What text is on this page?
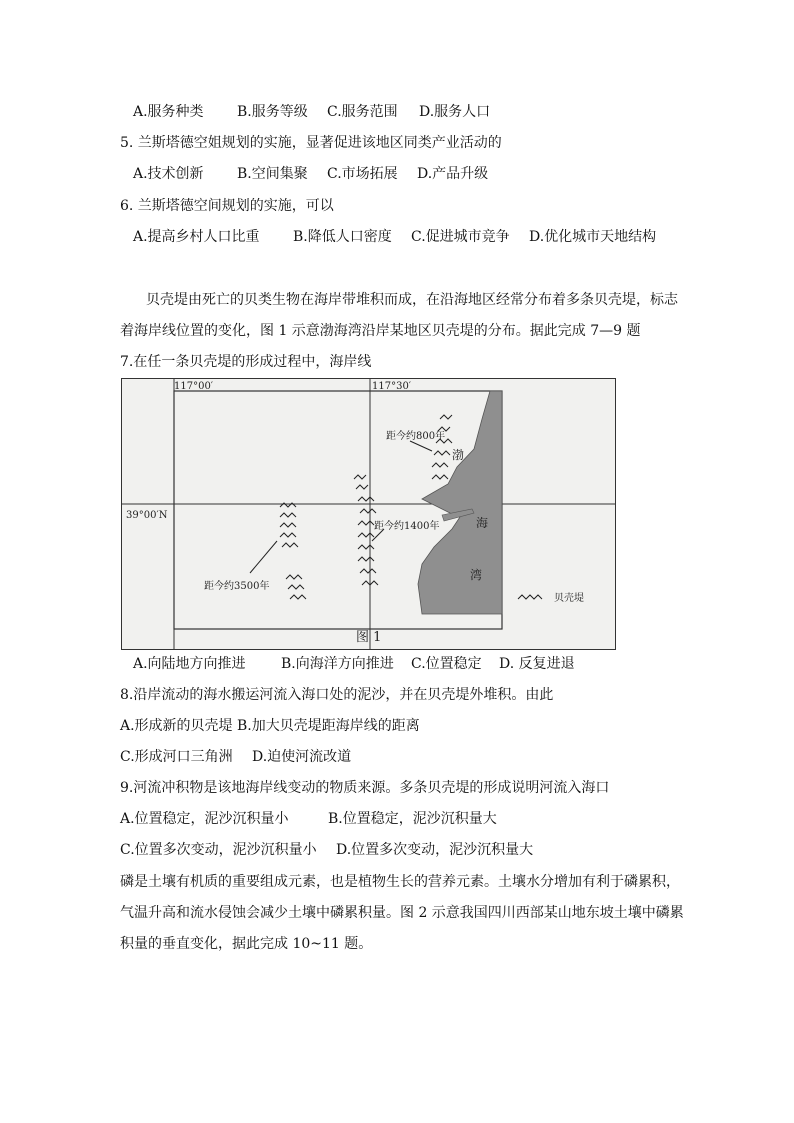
A.服务种类 B.服务等级 C.服务范围 D.服务人口
5. 兰斯塔德空姐规划的实施，显著促进该地区同类产业活动的
A.技术创新 B.空间集聚 C.市场拓展 D.产品升级
6. 兰斯塔德空间规划的实施，可以
A.提高乡村人口比重 B.降低人口密度 C.促进城市竞争 D.优化城市天地结构
贝壳堤由死亡的贝类生物在海岸带堆积而成，在沿海地区经常分布着多条贝壳堤，标志
着海岸线位置的变化，图 1 示意渤海湾沿岸某地区贝壳堤的分布。据此完成 7—9 题
7.在任一条贝壳堤的形成过程中，海岸线
117°00′	117°30′
39°00′N
距今约800年
距今约1400年
距今约3500年
渤
海
湾
贝壳堤
图 1
A.向陆地方向推进	B.向海洋方向推进 C.位置稳定 D. 反复进退
8.沿岸流动的海水搬运河流入海口处的泥沙，并在贝壳堤外堆积。由此
A.形成新的贝壳堤 B.加大贝壳堤距海岸线的距离
C.形成河口三角洲 D.迫使河流改道
9.河流冲积物是该地海岸线变动的物质来源。多条贝壳堤的形成说明河流入海口
A.位置稳定，泥沙沉积量小	B.位置稳定，泥沙沉积量大
C.位置多次变动，泥沙沉积量小 D.位置多次变动，泥沙沉积量大
磷是土壤有机质的重要组成元素，也是植物生长的营养元素。土壤水分增加有利于磷累积，
气温升高和流水侵蚀会减少土壤中磷累积量。图 2 示意我国四川西部某山地东坡土壤中磷累
积量的垂直变化，据此完成 10~11 题。
